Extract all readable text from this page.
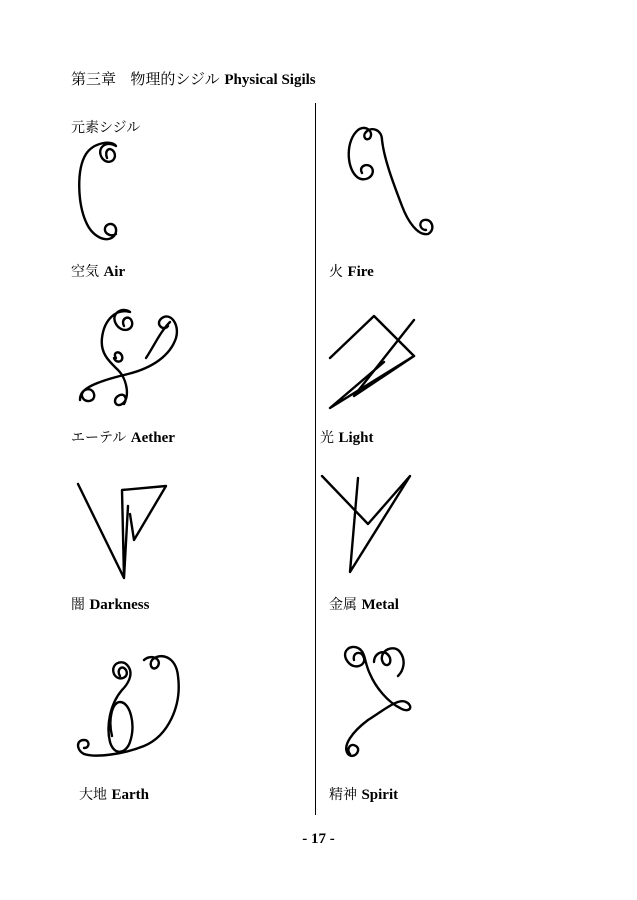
第三章 物理的シジル Physical Sigils
元素シジル
空気 Air	火 Fire
エーテル Aether	光 Light
闇 Darkness	金属 Metal
大地 Earth	精神 Spirit
- 17 -
